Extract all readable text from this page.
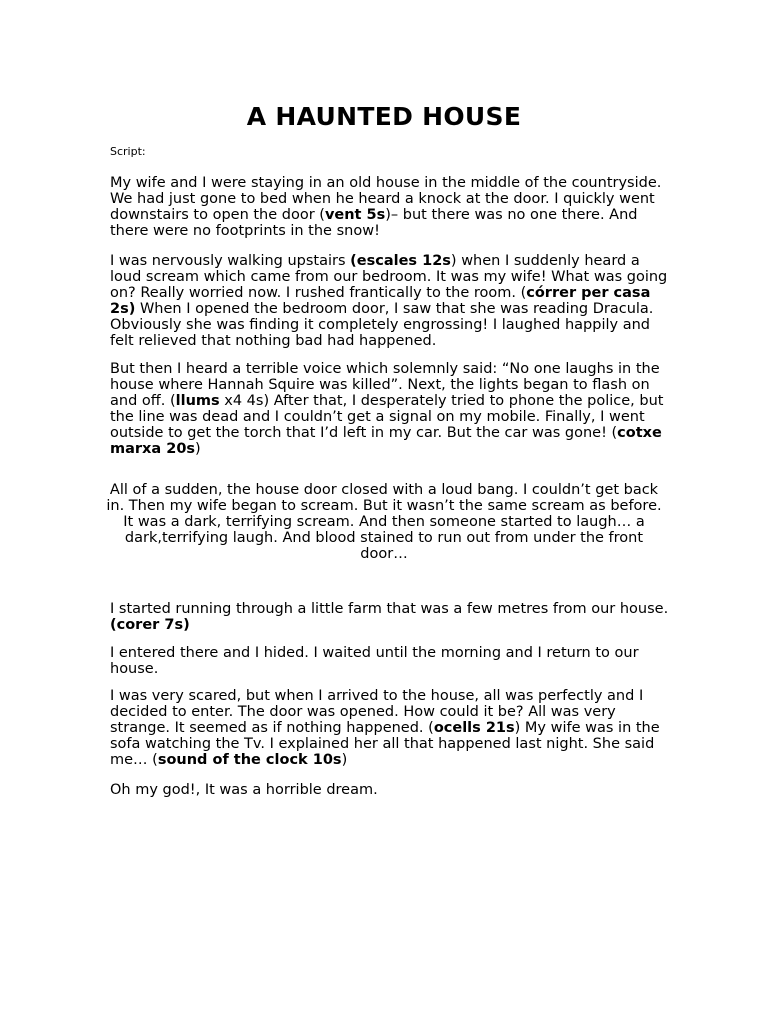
A HAUNTED HOUSE

Script:

My wife and I were staying in an old house in the middle of the countryside.
We had just gone to bed when he heard a knock at the door. I quickly went
downstairs to open the door (vent 5s)– but there was no one there. And
there were no footprints in the snow!

I was nervously walking upstairs (escales 12s) when I suddenly heard a
loud scream which came from our bedroom. It was my wife! What was going
on? Really worried now. I rushed frantically to the room. (córrer per casa
2s) When I opened the bedroom door, I saw that she was reading Dracula.
Obviously she was finding it completely engrossing! I laughed happily and
felt relieved that nothing bad had happened.

But then I heard a terrible voice which solemnly said: “No one laughs in the
house where Hannah Squire was killed”. Next, the lights began to flash on
and off. (llums x4 4s) After that, I desperately tried to phone the police, but
the line was dead and I couldn’t get a signal on my mobile. Finally, I went
outside to get the torch that I’d left in my car. But the car was gone! (cotxe
marxa 20s)

All of a sudden, the house door closed with a loud bang. I couldn’t get back
in. Then my wife began to scream. But it wasn’t the same scream as before.
It was a dark, terrifying scream. And then someone started to laugh… a
dark,terrifying laugh. And blood stained to run out from under the front
door…

I started running through a little farm that was a few metres from our house.
(corer 7s)

I entered there and I hided. I waited until the morning and I return to our
house.

I was very scared, but when I arrived to the house, all was perfectly and I
decided to enter. The door was opened. How could it be? All was very
strange. It seemed as if nothing happened. (ocells 21s) My wife was in the
sofa watching the Tv. I explained her all that happened last night. She said
me… (sound of the clock 10s)

Oh my god!, It was a horrible dream.
